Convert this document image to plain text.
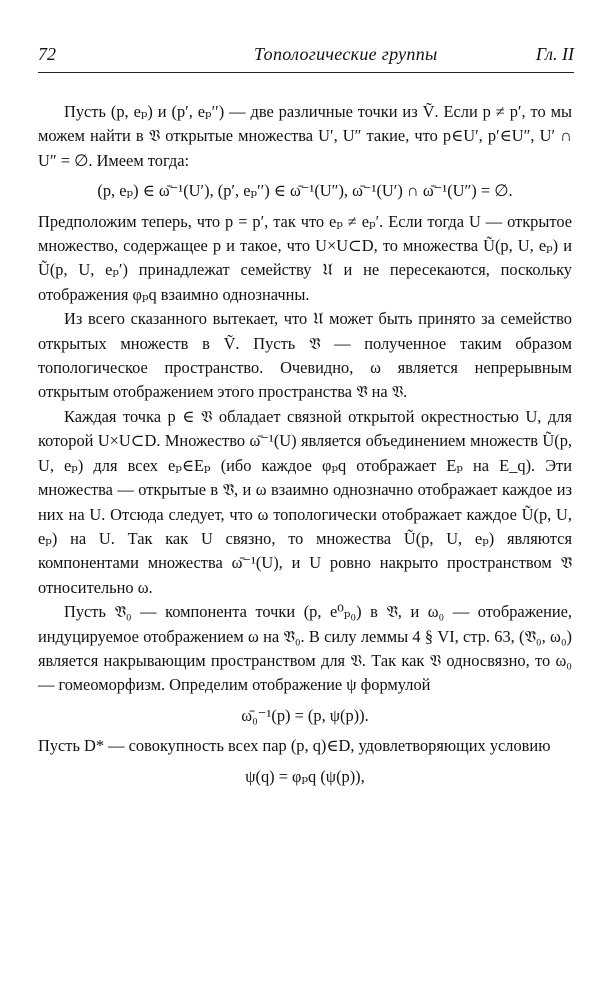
72	Топологические группы	Гл. II

Пусть (p, eₚ) и (p′, eₚ′′) — две различные точки из Ṽ. Если p ≠ p′, то мы можем найти в 𝔙 открытые множества U′, U″ такие, что p∈U′, p′∈U″, U′ ∩ U″ = ∅. Имеем тогда:

(p, eₚ) ∈ ω̄⁻¹(U′), (p′, eₚ′′) ∈ ω̄⁻¹(U″), ω̄⁻¹(U′) ∩ ω̄⁻¹(U″) = ∅.

Предположим теперь, что p = p′, так что eₚ ≠ eₚ′. Если тогда U — открытое множество, содержащее p и такое, что U×U⊂D, то множества Ũ(p, U, eₚ) и Ũ(p, U, eₚ′) принадлежат семейству 𝔘 и не пересекаются, поскольку отображения φₚq взаимно однозначны.

Из всего сказанного вытекает, что 𝔘 может быть принято за семейство открытых множеств в Ṽ. Пусть 𝔙̃ — полученное таким образом топологическое пространство. Очевидно, ω является непрерывным открытым отображением этого пространства 𝔙̃ на 𝔙.

Каждая точка p ∈ 𝔙 обладает связной открытой окрестностью U, для которой U×U⊂D. Множество ω̄⁻¹(U) является объединением множеств Ũ(p, U, eₚ) для всех eₚ∈Eₚ (ибо каждое φₚq отображает Eₚ на E_q). Эти множества — открытые в 𝔙̃, и ω взаимно однозначно отображает каждое из них на U. Отсюда следует, что ω топологически отображает каждое Ũ(p, U, eₚ) на U. Так как U связно, то множества Ũ(p, U, eₚ) являются компонентами множества ω̄⁻¹(U), и U ровно накрыто пространством 𝔙̃ относительно ω.

Пусть 𝔙̃₀ — компонента точки (p, e⁰ₚ₀) в 𝔙̃, и ω₀ — отображение, индуцируемое отображением ω на 𝔙̃₀. В силу леммы 4 § VI, стр. 63, (𝔙̃₀, ω₀) является накрывающим пространством для 𝔙. Так как 𝔙 односвязно, то ω₀ — гомеоморфизм. Определим отображение ψ формулой

ω̄₀⁻¹(p) = (p, ψ(p)).

Пусть D* — совокупность всех пар (p, q)∈D, удовлетворяющих условию

ψ(q) = φₚq (ψ(p)),
